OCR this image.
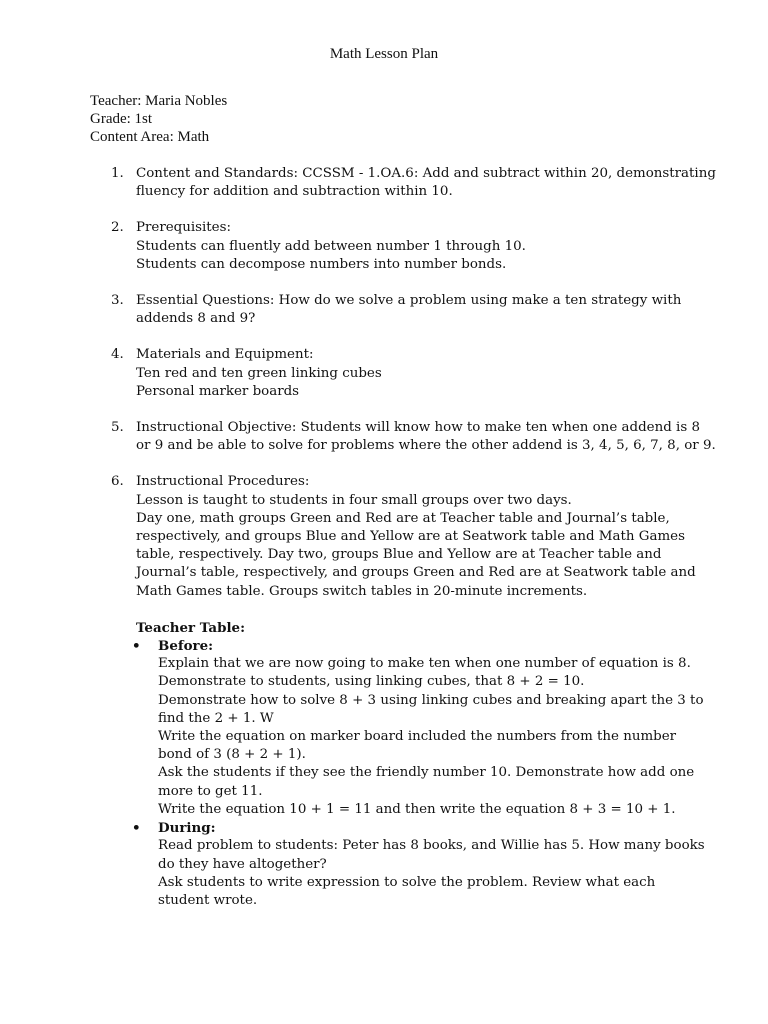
Math Lesson Plan
Teacher: Maria Nobles
Grade: 1st
Content Area: Math
1. Content and Standards: CCSSM - 1.OA.6: Add and subtract within 20, demonstrating
fluency for addition and subtraction within 10.
2. Prerequisites:
Students can fluently add between number 1 through 10.
Students can decompose numbers into number bonds.
3. Essential Questions: How do we solve a problem using make a ten strategy with
addends 8 and 9?
4. Materials and Equipment:
Ten red and ten green linking cubes
Personal marker boards
5. Instructional Objective: Students will know how to make ten when one addend is 8
or 9 and be able to solve for problems where the other addend is 3, 4, 5, 6, 7, 8, or 9.
6. Instructional Procedures:
Lesson is taught to students in four small groups over two days.
Day one, math groups Green and Red are at Teacher table and Journal’s table,
respectively, and groups Blue and Yellow are at Seatwork table and Math Games
table, respectively. Day two, groups Blue and Yellow are at Teacher table and
Journal’s table, respectively, and groups Green and Red are at Seatwork table and
Math Games table. Groups switch tables in 20-minute increments.
Teacher Table:
• Before:
Explain that we are now going to make ten when one number of equation is 8.
Demonstrate to students, using linking cubes, that 8 + 2 = 10.
Demonstrate how to solve 8 + 3 using linking cubes and breaking apart the 3 to
find the 2 + 1. W
Write the equation on marker board included the numbers from the number
bond of 3 (8 + 2 + 1).
Ask the students if they see the friendly number 10. Demonstrate how add one
more to get 11.
Write the equation 10 + 1 = 11 and then write the equation 8 + 3 = 10 + 1.
• During:
Read problem to students: Peter has 8 books, and Willie has 5. How many books
do they have altogether?
Ask students to write expression to solve the problem. Review what each
student wrote.
